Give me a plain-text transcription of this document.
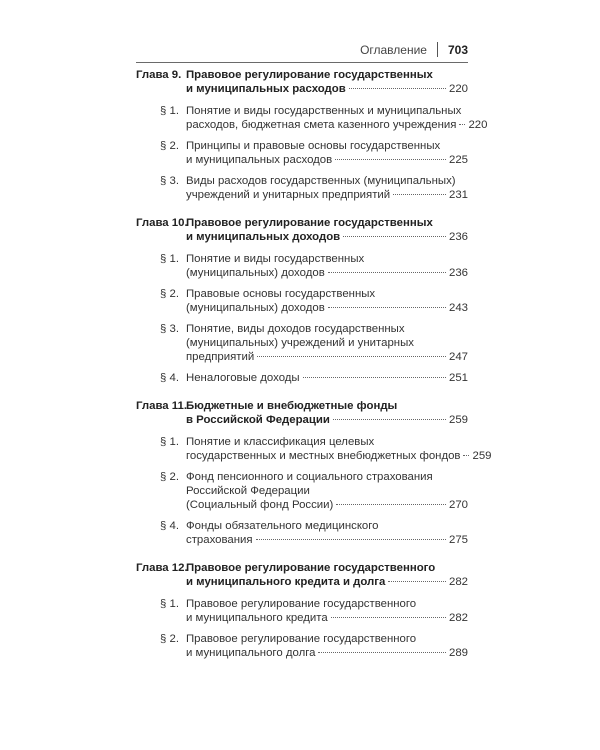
Оглавление 703
Глава 9. Правовое регулирование государственных
и муниципальных расходов	220
§ 1. Понятие и виды государственных и муниципальных
расходов, бюджетная смета казенного учреждения 220
§ 2. Принципы и правовые основы государственных
и муниципальных расходов	225
§ 3. Виды расходов государственных (муниципальных)
учреждений и унитарных предприятий	231
Глава 10.
Правовое регулирование государственных
и муниципальных доходов	236
§ 1. Понятие и виды государственных
(муниципальных) доходов	236
§ 2. Правовые основы государственных
(муниципальных) доходов	243
§ 3. Понятие, виды доходов государственных
(муниципальных) учреждений и унитарных
предприятий	247
§ 4. Неналоговые доходы	251
Глава 11.
Бюджетные и внебюджетные фонды
в Российской Федерации	259
§ 1. Понятие и классификация целевых
государственных и местных внебюджетных фондов 259
§ 2. Фонд пенсионного и социального страхования
Российской Федерации
(Социальный фонд России)	270
§ 4. Фонды обязательного медицинского
страхования	275
Глава 12.
Правовое регулирование государственного
и муниципального кредита и долга	282
§ 1. Правовое регулирование государственного
и муниципального кредита	282
§ 2. Правовое регулирование государственного
и муниципального долга	289
